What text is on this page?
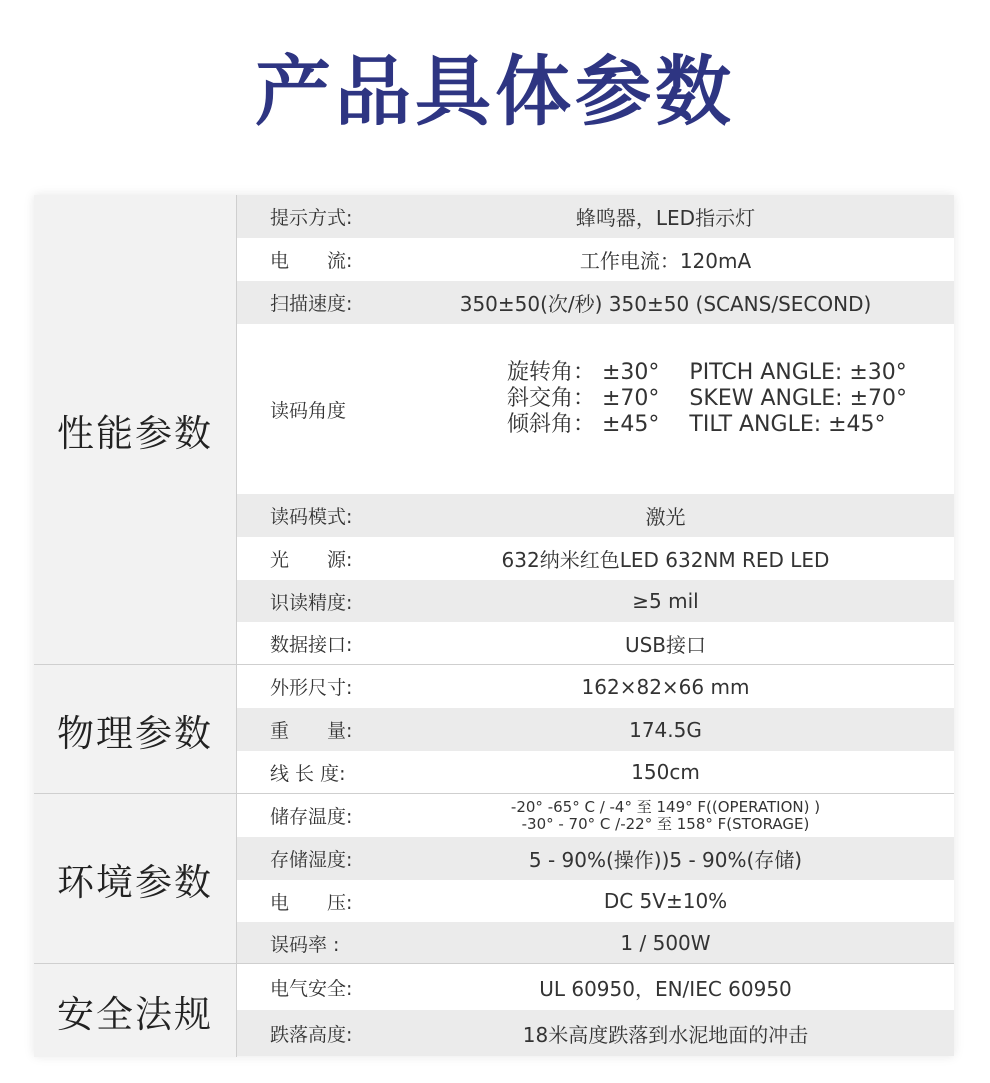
产品具体参数
性能参数
提示方式:	蜂鸣器，LED指示灯
电　　流:	工作电流：120mA
扫描速度:	350±50(次/秒) 350±50 (SCANS/SECOND)
读码角度
旋转角： ±30° PITCH ANGLE: ±30°
斜交角： ±70° SKEW ANGLE: ±70°
倾斜角： ±45° TILT ANGLE: ±45°
读码模式:	激光
光　　源:	632纳米红色LED 632NM RED LED
识读精度:	≥5 mil
数据接口:	USB接口
物理参数
外形尺寸:	162×82×66 mm
重　　量:	174.5G
线 长 度:	150cm
环境参数
储存温度:	-20° -65° C / -4° 至 149° F((OPERATION) )
-30° - 70° C /-22° 至 158° F(STORAGE)
存储湿度:	5 - 90%(操作))5 - 90%(存储)
电　　压:	DC 5V±10%
误码率 :	1 / 500W
安全法规
电气安全:	UL 60950，EN/IEC 60950
跌落高度:	18米高度跌落到水泥地面的冲击
